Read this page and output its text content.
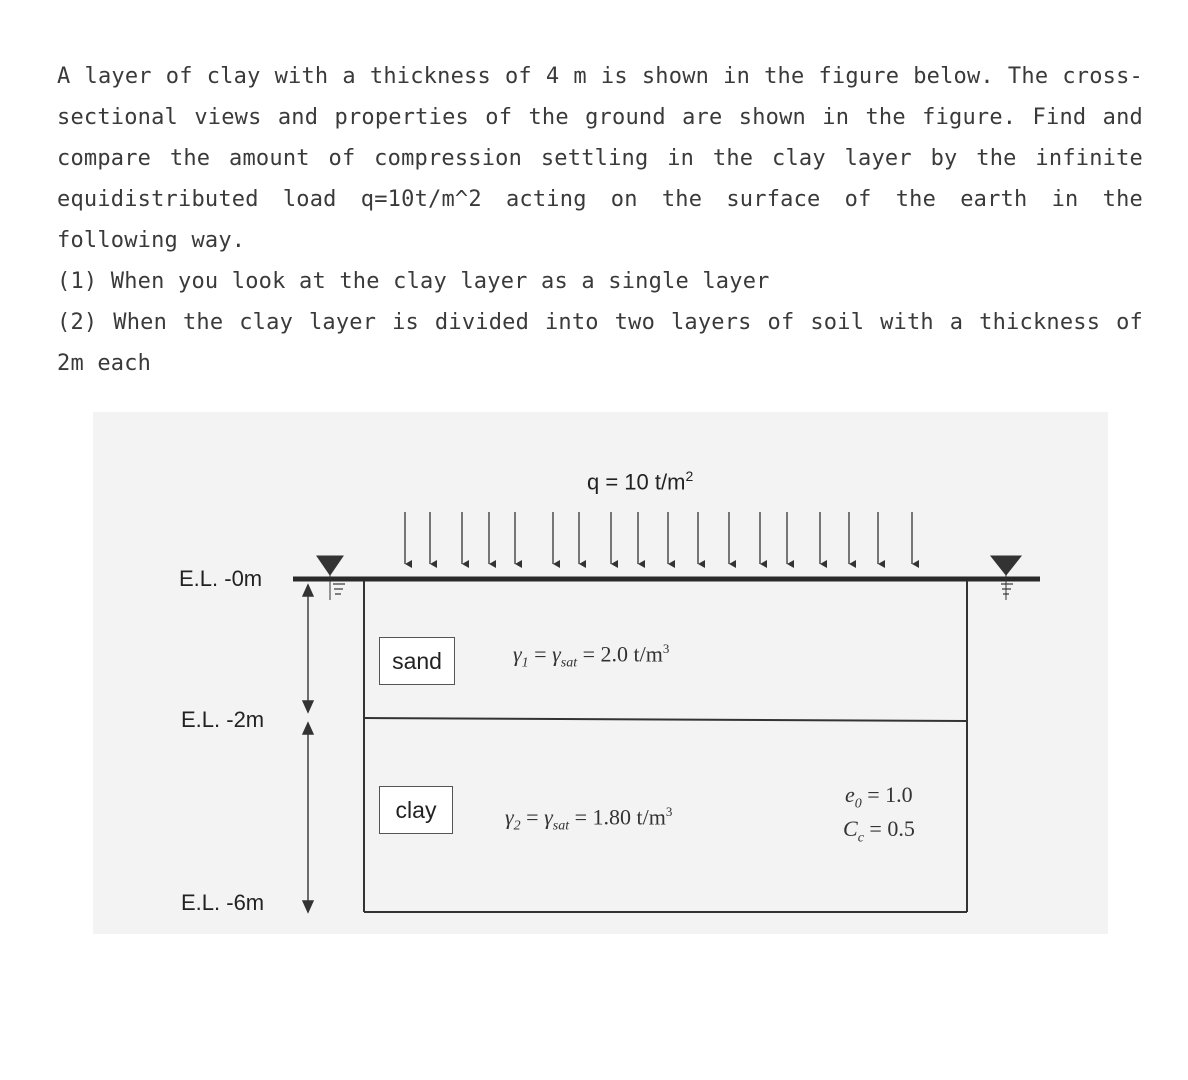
A layer of clay with a thickness of 4 m is shown in the figure below. The cross-sectional views and properties of the ground are shown in the figure. Find and compare the amount of compression settling in the clay layer by the infinite equidistributed load q=10t/m^2 acting on the surface of the earth in the following way.

(1) When you look at the clay layer as a single layer

(2) When the clay layer is divided into two layers of soil with a thickness of 2m each

q = 10 $t/m^2$
E.L. -0m
E.L. -2m
E.L. -6m
sand	$\gamma_1 = \gamma_{sat} = 2.0$ $t/m^3$
clay	$\gamma_2 = \gamma_{sat} = 1.80$ $t/m^3$
$e_0 = 1.0$
$C_c = 0.5$
